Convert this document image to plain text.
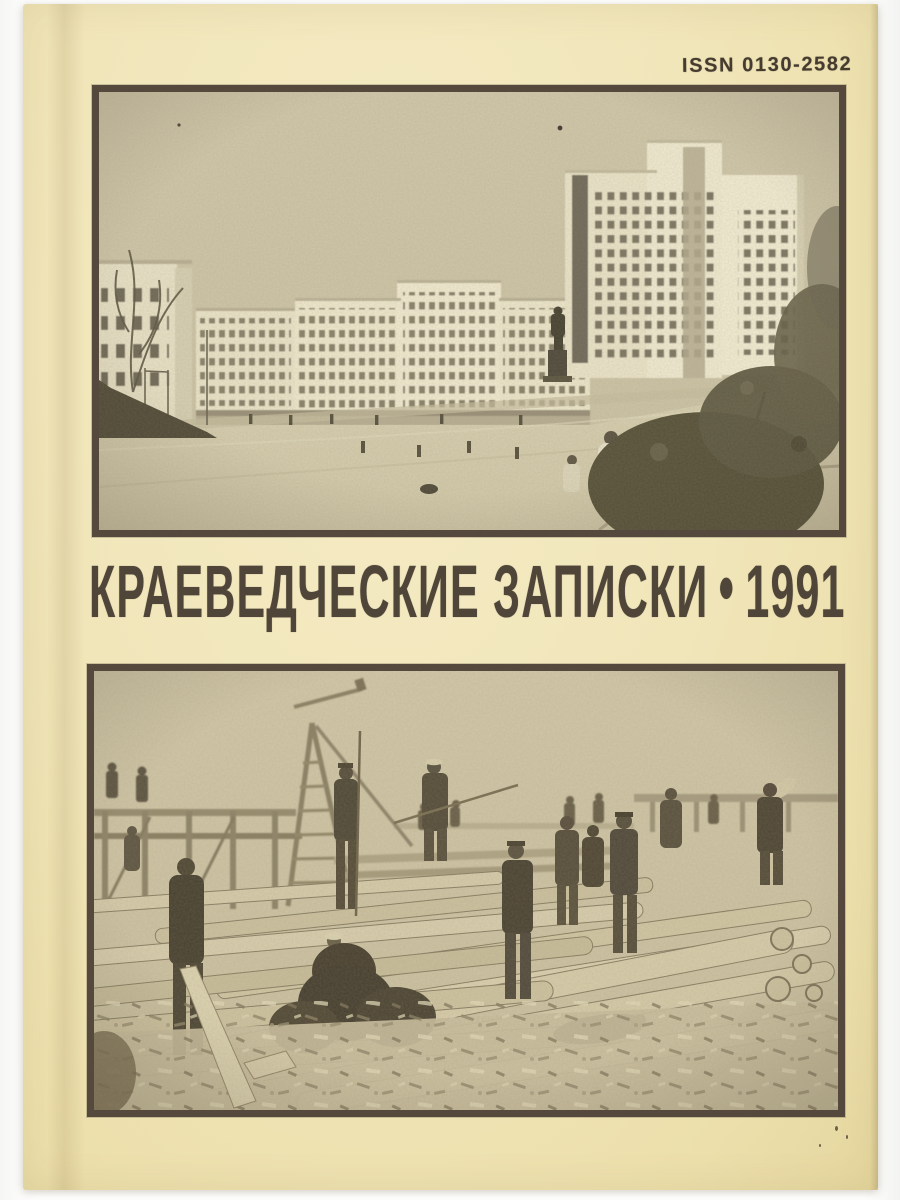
ISSN 0130-2582
КРАЕВЕДЧЕСКИЕ ЗАПИСКИ • 1991
